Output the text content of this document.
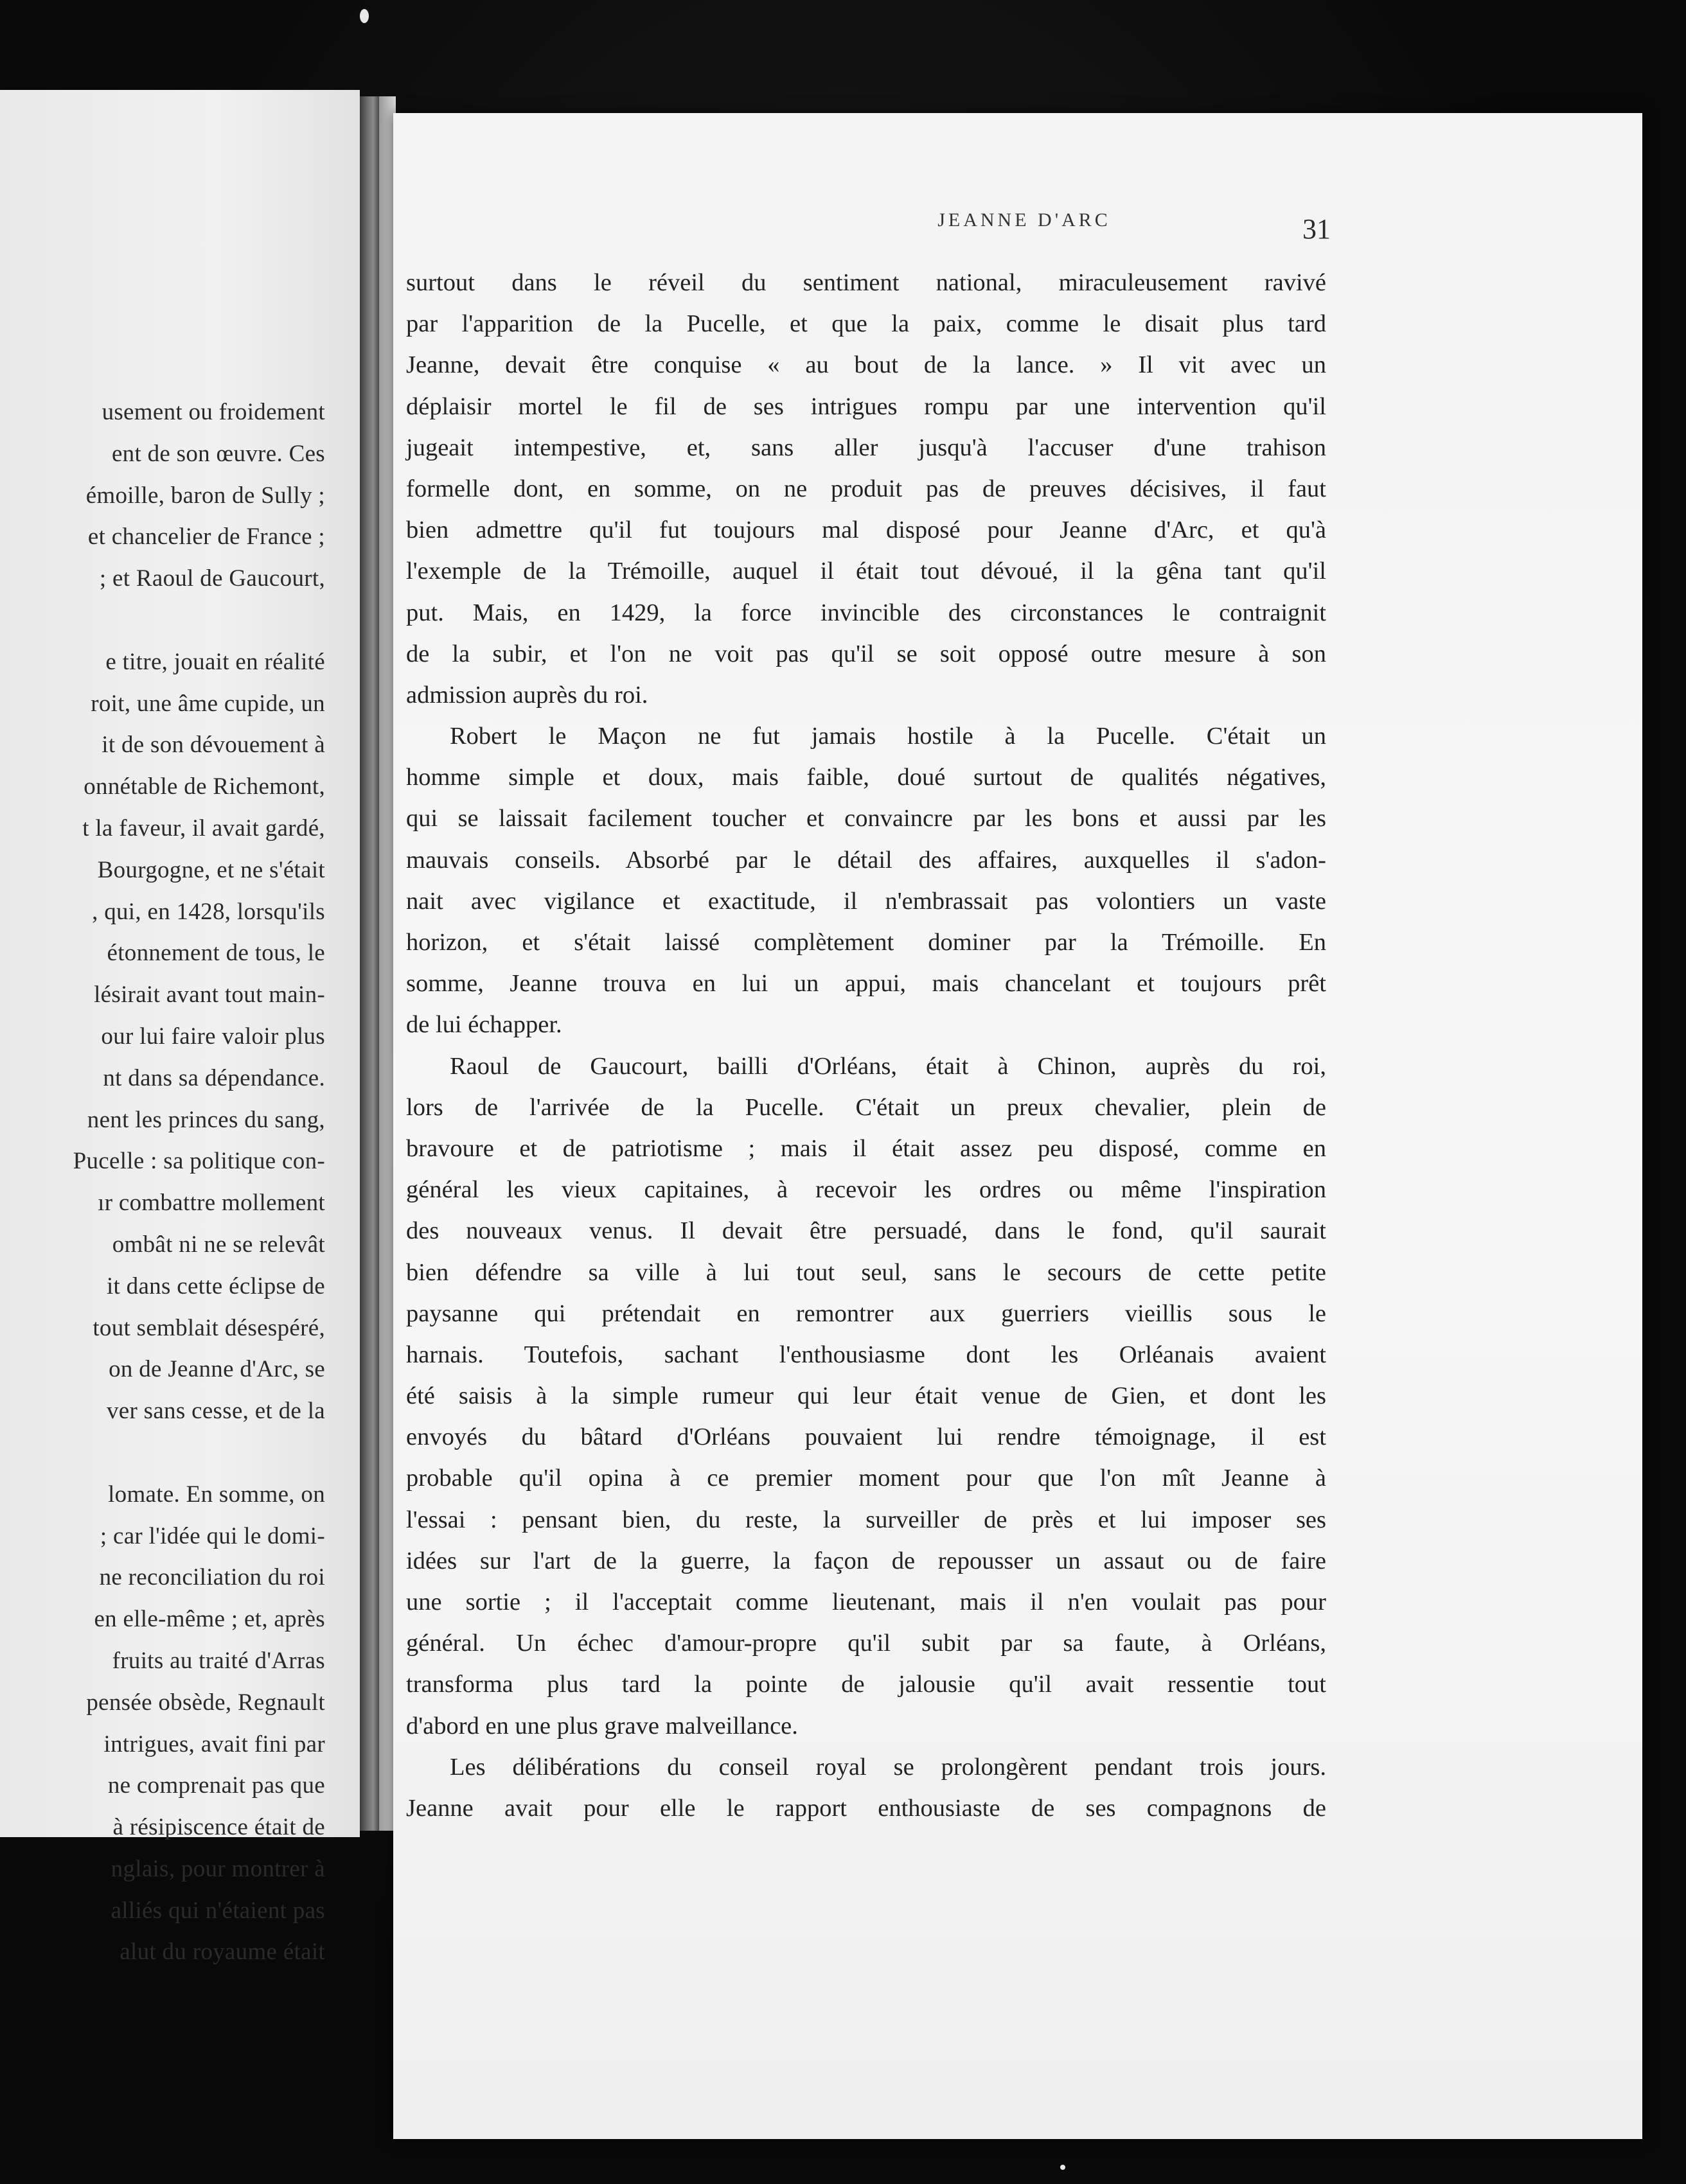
usement ou froidement
ent de son œuvre. Ces
émoille, baron de Sully ;
et chancelier de France ;
; et Raoul de Gaucourt,
e titre, jouait en réalité
roit, une âme cupide, un
it de son dévouement à
onnétable de Richemont,
t la faveur, il avait gardé,
Bourgogne, et ne s'était
, qui, en 1428, lorsqu'ils
étonnement de tous, le
lésirait avant tout main-
our lui faire valoir plus
nt dans sa dépendance.
nent les princes du sang,
Pucelle : sa politique con-
ır combattre mollement
ombât ni ne se relevât
it dans cette éclipse de
tout semblait désespéré,
on de Jeanne d'Arc, se
ver sans cesse, et de la
lomate. En somme, on
; car l'idée qui le domi-
ne reconciliation du roi
en elle-même ; et, après
fruits au traité d'Arras
pensée obsède, Regnault
intrigues, avait fini par
ne comprenait pas que
à résipiscence était de
nglais, pour montrer à
alliés qui n'étaient pas
alut du royaume était
JEANNE D'ARC	31
surtout dans le réveil du sentiment national, miraculeusement ravivé
par l'apparition de la Pucelle, et que la paix, comme le disait plus tard
Jeanne, devait être conquise « au bout de la lance. » Il vit avec un
déplaisir mortel le fil de ses intrigues rompu par une intervention qu'il
jugeait intempestive, et, sans aller jusqu'à l'accuser d'une trahison
formelle dont, en somme, on ne produit pas de preuves décisives, il faut
bien admettre qu'il fut toujours mal disposé pour Jeanne d'Arc, et qu'à
l'exemple de la Trémoille, auquel il était tout dévoué, il la gêna tant qu'il
put. Mais, en 1429, la force invincible des circonstances le contraignit
de la subir, et l'on ne voit pas qu'il se soit opposé outre mesure à son
admission auprès du roi.
Robert le Maçon ne fut jamais hostile à la Pucelle. C'était un
homme simple et doux, mais faible, doué surtout de qualités négatives,
qui se laissait facilement toucher et convaincre par les bons et aussi par les
mauvais conseils. Absorbé par le détail des affaires, auxquelles il s'adon-
nait avec vigilance et exactitude, il n'embrassait pas volontiers un vaste
horizon, et s'était laissé complètement dominer par la Trémoille. En
somme, Jeanne trouva en lui un appui, mais chancelant et toujours prêt
de lui échapper.
Raoul de Gaucourt, bailli d'Orléans, était à Chinon, auprès du roi,
lors de l'arrivée de la Pucelle. C'était un preux chevalier, plein de
bravoure et de patriotisme ; mais il était assez peu disposé, comme en
général les vieux capitaines, à recevoir les ordres ou même l'inspiration
des nouveaux venus. Il devait être persuadé, dans le fond, qu'il saurait
bien défendre sa ville à lui tout seul, sans le secours de cette petite
paysanne qui prétendait en remontrer aux guerriers vieillis sous le
harnais. Toutefois, sachant l'enthousiasme dont les Orléanais avaient
été saisis à la simple rumeur qui leur était venue de Gien, et dont les
envoyés du bâtard d'Orléans pouvaient lui rendre témoignage, il est
probable qu'il opina à ce premier moment pour que l'on mît Jeanne à
l'essai : pensant bien, du reste, la surveiller de près et lui imposer ses
idées sur l'art de la guerre, la façon de repousser un assaut ou de faire
une sortie ; il l'acceptait comme lieutenant, mais il n'en voulait pas pour
général. Un échec d'amour-propre qu'il subit par sa faute, à Orléans,
transforma plus tard la pointe de jalousie qu'il avait ressentie tout
d'abord en une plus grave malveillance.
Les délibérations du conseil royal se prolongèrent pendant trois jours.
Jeanne avait pour elle le rapport enthousiaste de ses compagnons de
